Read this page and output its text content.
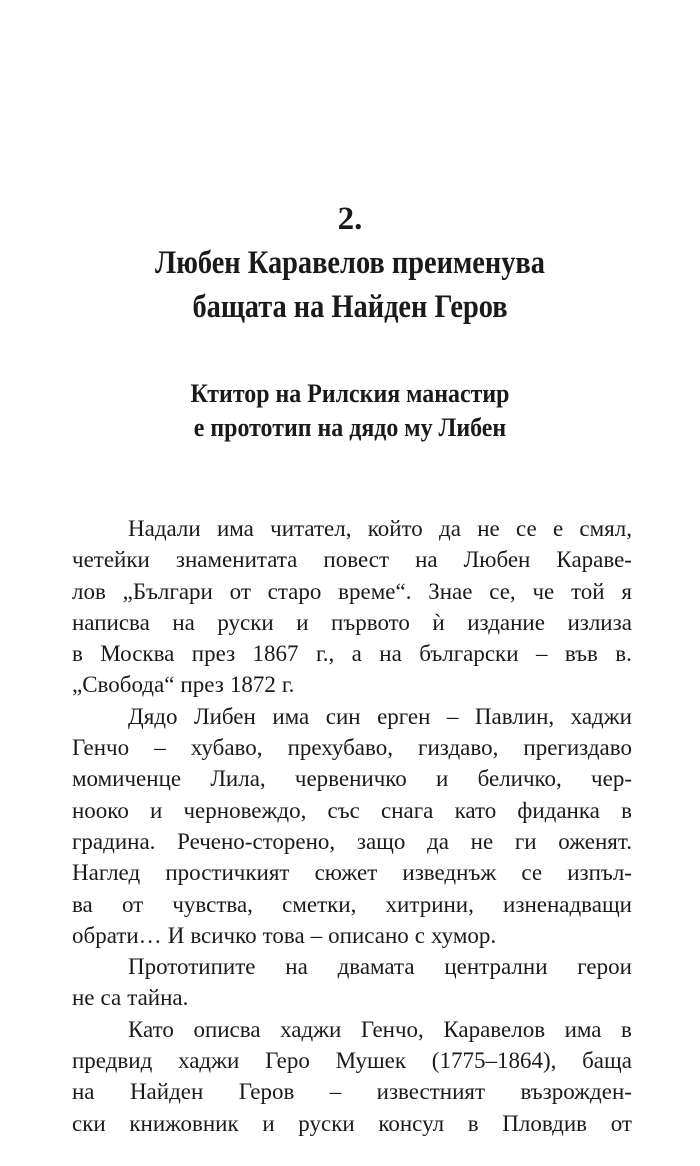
2.
Любен Каравелов преименува
бащата на Найден Геров
Ктитор на Рилския манастир
е прототип на дядо му Либен
Надали има читател, който да не се е смял,
четейки знаменитата повест на Любен Караве-
лов „Българи от старо време“. Знае се, че той я
написва на руски и първото ѝ издание излиза
в Москва през 1867 г., а на български – във в.
„Свобода“ през 1872 г.
Дядо Либен има син ерген – Павлин, хаджи
Генчо – хубаво, прехубаво, гиздаво, прегиздаво
момиченце Лила, червеничко и беличко, чер-
нооко и черновеждо, със снага като фиданка в
градина. Речено-сторено, защо да не ги оженят.
Наглед простичкият сюжет изведнъж се изпъл-
ва от чувства, сметки, хитрини, изненадващи
обрати… И всичко това – описано с хумор.
Прототипите на двамата централни герои
не са тайна.
Като описва хаджи Генчо, Каравелов има в
предвид хаджи Геро Мушек (1775–1864), баща
на Найден Геров – известният възрожден-
ски книжовник и руски консул в Пловдив от
